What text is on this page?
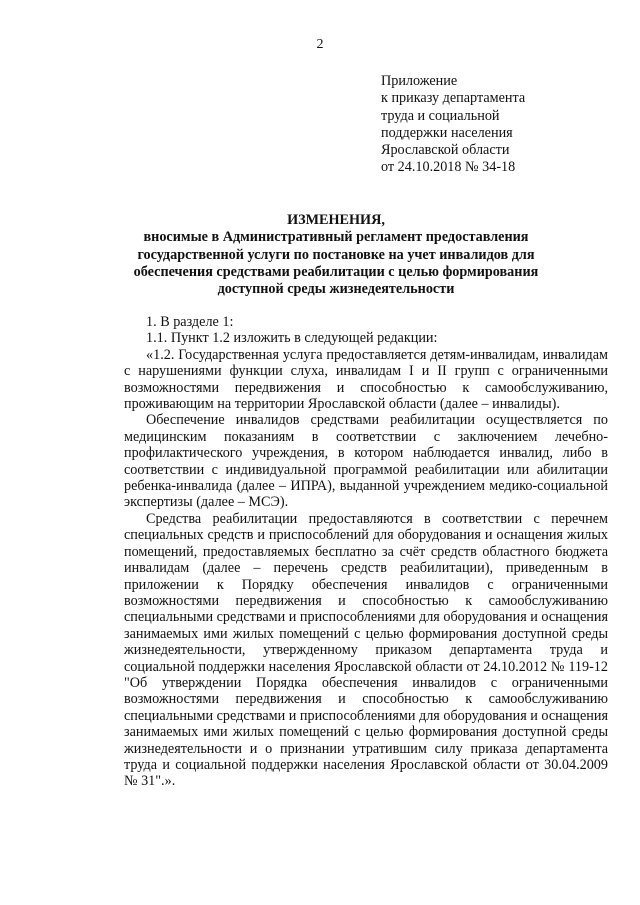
2
Приложение
к приказу департамента
труда и социальной
поддержки населения
Ярославской области
от 24.10.2018 № 34-18
ИЗМЕНЕНИЯ,
вносимые в Административный регламент предоставления
государственной услуги по постановке на учет инвалидов для
обеспечения средствами реабилитации с целью формирования
доступной среды жизнедеятельности

1. В разделе 1:

1.1. Пункт 1.2 изложить в следующей редакции:

«1.2. Государственная услуга предоставляется детям-инвалидам, инвалидам с нарушениями функции слуха, инвалидам I и II групп с ограниченными возможностями передвижения и способностью к самообслуживанию, проживающим на территории Ярославской области (далее – инвалиды).

Обеспечение инвалидов средствами реабилитации осуществляется по медицинским показаниям в соответствии с заключением лечебно-профилактического учреждения, в котором наблюдается инвалид, либо в соответствии с индивидуальной программой реабилитации или абилитации ребенка-инвалида (далее – ИПРА), выданной учреждением медико-социальной экспертизы (далее – МСЭ).

Средства реабилитации предоставляются в соответствии с перечнем специальных средств и приспособлений для оборудования и оснащения жилых помещений, предоставляемых бесплатно за счёт средств областного бюджета инвалидам (далее – перечень средств реабилитации), приведенным в приложении к Порядку обеспечения инвалидов с ограниченными возможностями передвижения и способностью к самообслуживанию специальными средствами и приспособлениями для оборудования и оснащения занимаемых ими жилых помещений с целью формирования доступной среды жизнедеятельности, утвержденному приказом департамента труда и социальной поддержки населения Ярославской области от 24.10.2012 № 119-12 "Об утверждении Порядка обеспечения инвалидов с ограниченными возможностями передвижения и способностью к самообслуживанию специальными средствами и приспособлениями для оборудования и оснащения занимаемых ими жилых помещений с целью формирования доступной среды жизнедеятельности и о признании утратившим силу приказа департамента труда и социальной поддержки населения Ярославской области от 30.04.2009 № 31".».
